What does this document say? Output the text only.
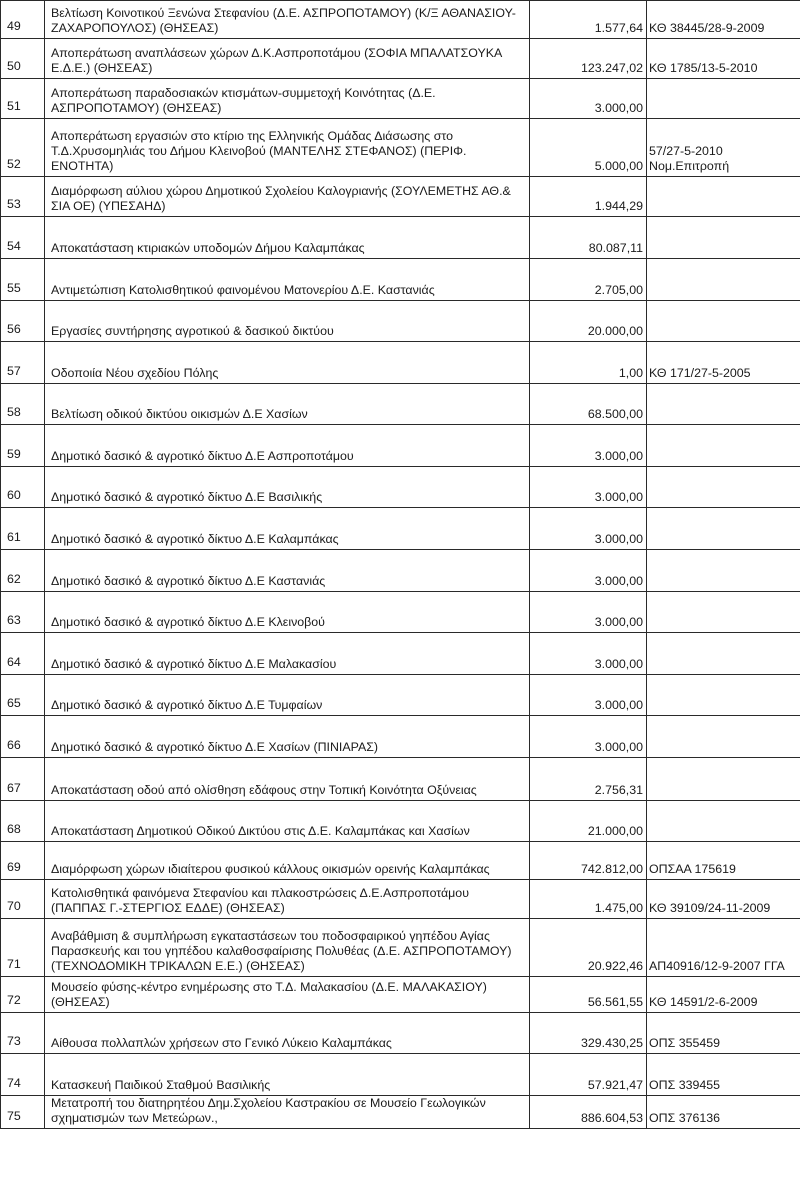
49	Βελτίωση Κοινοτικού Ξενώνα Στεφανίου (Δ.Ε. ΑΣΠΡΟΠΟΤΑΜΟΥ) (Κ/Ξ ΑΘΑΝΑΣΙΟΥ-ΖΑΧΑΡΟΠΟΥΛΟΣ) (ΘΗΣΕΑΣ)	1.577,64	ΚΘ 38445/28-9-2009

50	Αποπεράτωση αναπλάσεων χώρων Δ.Κ.Ασπροποτάμου (ΣΟΦΙΑ ΜΠΑΛΑΤΣΟΥΚΑ Ε.Δ.Ε.) (ΘΗΣΕΑΣ)	123.247,02	ΚΘ 1785/13-5-2010

51	Αποπεράτωση παραδοσιακών κτισμάτων-συμμετοχή Κοινότητας (Δ.Ε. ΑΣΠΡΟΠΟΤΑΜΟΥ) (ΘΗΣΕΑΣ)	3.000,00	
52	Αποπεράτωση εργασιών στο κτίριο της Ελληνικής Ομάδας Διάσωσης στο Τ.Δ.Χρυσομηλιάς του Δήμου Κλεινοβού (ΜΑΝΤΕΛΗΣ ΣΤΕΦΑΝΟΣ) (ΠΕΡΙΦ. ΕΝΟΤΗΤΑ)	5.000,00	57/27-5-2010
Νομ.Επιτροπή

53	Διαμόρφωση αύλιου χώρου Δημοτικού Σχολείου Καλογριανής (ΣΟΥΛΕΜΕΤΗΣ ΑΘ.& ΣΙΑ ΟΕ) (ΥΠΕΣΑΗΔ)	1.944,29	
54	Αποκατάσταση κτιριακών υποδομών Δήμου Καλαμπάκας	80.087,11	
55	Αντιμετώπιση Κατολισθητικού φαινομένου Ματονερίου Δ.Ε. Καστανιάς	2.705,00	
56	Εργασίες συντήρησης αγροτικού & δασικού δικτύου	20.000,00	
57	Οδοποιία Νέου σχεδίου Πόλης	1,00	ΚΘ 171/27-5-2005

58	Βελτίωση οδικού δικτύου οικισμών Δ.Ε Χασίων	68.500,00	
59	Δημοτικό δασικό & αγροτικό δίκτυο Δ.Ε Ασπροποτάμου	3.000,00	
60	Δημοτικό δασικό & αγροτικό δίκτυο Δ.Ε Βασιλικής	3.000,00	
61	Δημοτικό δασικό & αγροτικό δίκτυο Δ.Ε Καλαμπάκας	3.000,00	
62	Δημοτικό δασικό & αγροτικό δίκτυο Δ.Ε Καστανιάς	3.000,00	
63	Δημοτικό δασικό & αγροτικό δίκτυο Δ.Ε Κλεινοβού	3.000,00	
64	Δημοτικό δασικό & αγροτικό δίκτυο Δ.Ε Μαλακασίου	3.000,00	
65	Δημοτικό δασικό & αγροτικό δίκτυο Δ.Ε Τυμφαίων	3.000,00	
66	Δημοτικό δασικό & αγροτικό δίκτυο Δ.Ε Χασίων (ΠΙΝΙΑΡΑΣ)	3.000,00	
67	Αποκατάσταση οδού από ολίσθηση εδάφους στην Τοπική Κοινότητα Οξύνειας	2.756,31	
68	Αποκατάσταση Δημοτικού Οδικού Δικτύου στις Δ.Ε. Καλαμπάκας και Χασίων	21.000,00	
69	Διαμόρφωση χώρων ιδιαίτερου φυσικού κάλλους οικισμών ορεινής Καλαμπάκας	742.812,00	ΟΠΣΑΑ 175619

70	Κατολισθητικά φαινόμενα Στεφανίου και πλακοστρώσεις Δ.Ε.Ασπροποτάμου (ΠΑΠΠΑΣ Γ.-ΣΤΕΡΓΙΟΣ ΕΔΔΕ) (ΘΗΣΕΑΣ)	1.475,00	ΚΘ 39109/24-11-2009

71	Αναβάθμιση & συμπλήρωση εγκαταστάσεων του ποδοσφαιρικού γηπέδου Αγίας Παρασκευής και του γηπέδου καλαθοσφαίρισης Πολυθέας (Δ.Ε. ΑΣΠΡΟΠΟΤΑΜΟΥ) (ΤΕΧΝΟΔΟΜΙΚΗ ΤΡΙΚΑΛΩΝ Ε.Ε.) (ΘΗΣΕΑΣ)	20.922,46	ΑΠ40916/12-9-2007 ΓΓΑ

72	Μουσείο φύσης-κέντρο ενημέρωσης στο Τ.Δ. Μαλακασίου (Δ.Ε. ΜΑΛΑΚΑΣΙΟΥ) (ΘΗΣΕΑΣ)	56.561,55	ΚΘ 14591/2-6-2009

73	Αίθουσα πολλαπλών χρήσεων στο Γενικό Λύκειο Καλαμπάκας	329.430,25	ΟΠΣ 355459

74	Κατασκευή Παιδικού Σταθμού Βασιλικής	57.921,47	ΟΠΣ 339455

75	Μετατροπή του διατηρητέου Δημ.Σχολείου Καστρακίου σε Μουσείο Γεωλογικών σχηματισμών των Μετεώρων.,	886.604,53	ΟΠΣ 376136
